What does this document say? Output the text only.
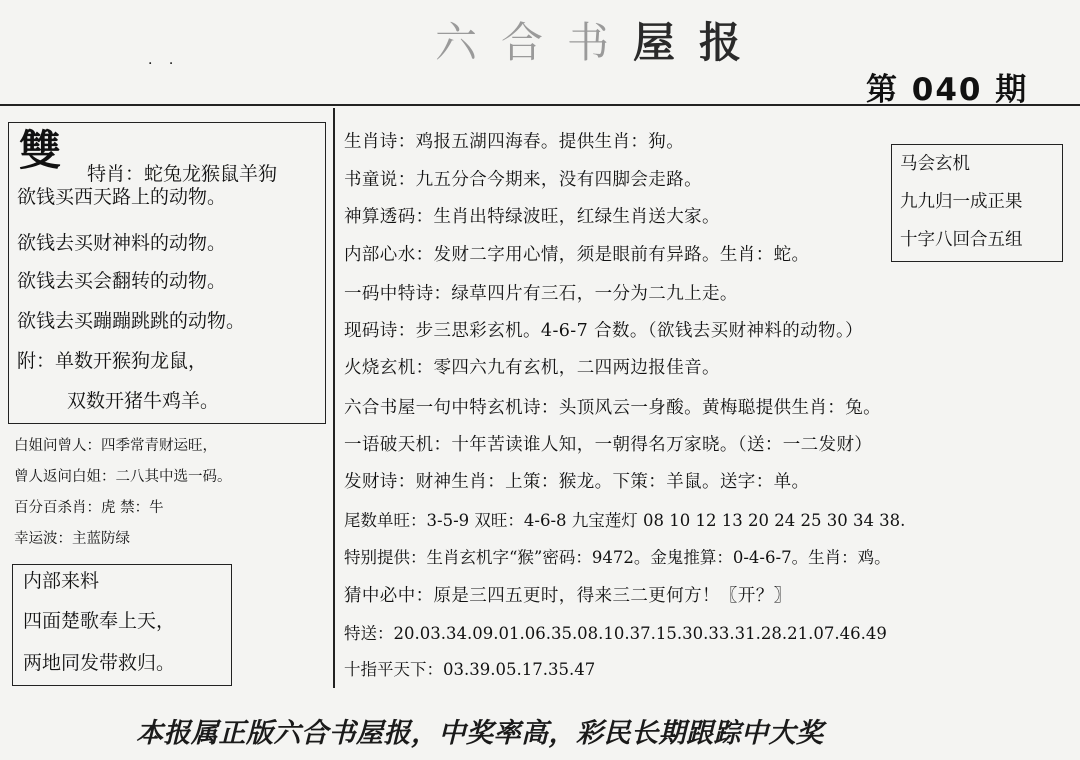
六合书屋报
· ·
第 040 期
雙 特肖：蛇兔龙猴鼠羊狗
欲钱买西天路上的动物。
欲钱去买财神料的动物。
欲钱去买会翻转的动物。
欲钱去买蹦蹦跳跳的动物。
附：单数开猴狗龙鼠，
双数开猪牛鸡羊。
白姐问曾人：四季常青财运旺，
曾人返问白姐：二八其中选一码。
百分百杀肖：虎 禁：牛
幸运波：主蓝防绿
内部来料
四面楚歌奉上天，
两地同发带救归。
生肖诗：鸡报五湖四海春。提供生肖：狗。
书童说：九五分合今期来，没有四脚会走路。
神算透码：生肖出特绿波旺，红绿生肖送大家。
内部心水：发财二字用心情，须是眼前有异路。生肖：蛇。
一码中特诗：绿草四片有三石，一分为二九上走。
现码诗：步三思彩玄机。4-6-7 合数。（欲钱去买财神料的动物。）
火烧玄机：零四六九有玄机，二四两边报佳音。
六合书屋一句中特玄机诗：头顶风云一身酸。黄梅聪提供生肖：兔。
一语破天机：十年苦读谁人知，一朝得名万家晓。（送：一二发财）
发财诗：财神生肖：上策：猴龙。下策：羊鼠。送字：单。
尾数单旺：3-5-9 双旺：4-6-8 九宝莲灯 08 10 12 13 20 24 25 30 34 38.
特别提供：生肖玄机字“猴”密码：9472。金鬼推算：0-4-6-7。生肖：鸡。
猜中必中：原是三四五更时，得来三二更何方！〖开？〗
特送：20.03.34.09.01.06.35.08.10.37.15.30.33.31.28.21.07.46.49
十指平天下：03.39.05.17.35.47
马会玄机
九九归一成正果
十字八回合五组
本报属正版六合书屋报，中奖率高，彩民长期跟踪中大奖
